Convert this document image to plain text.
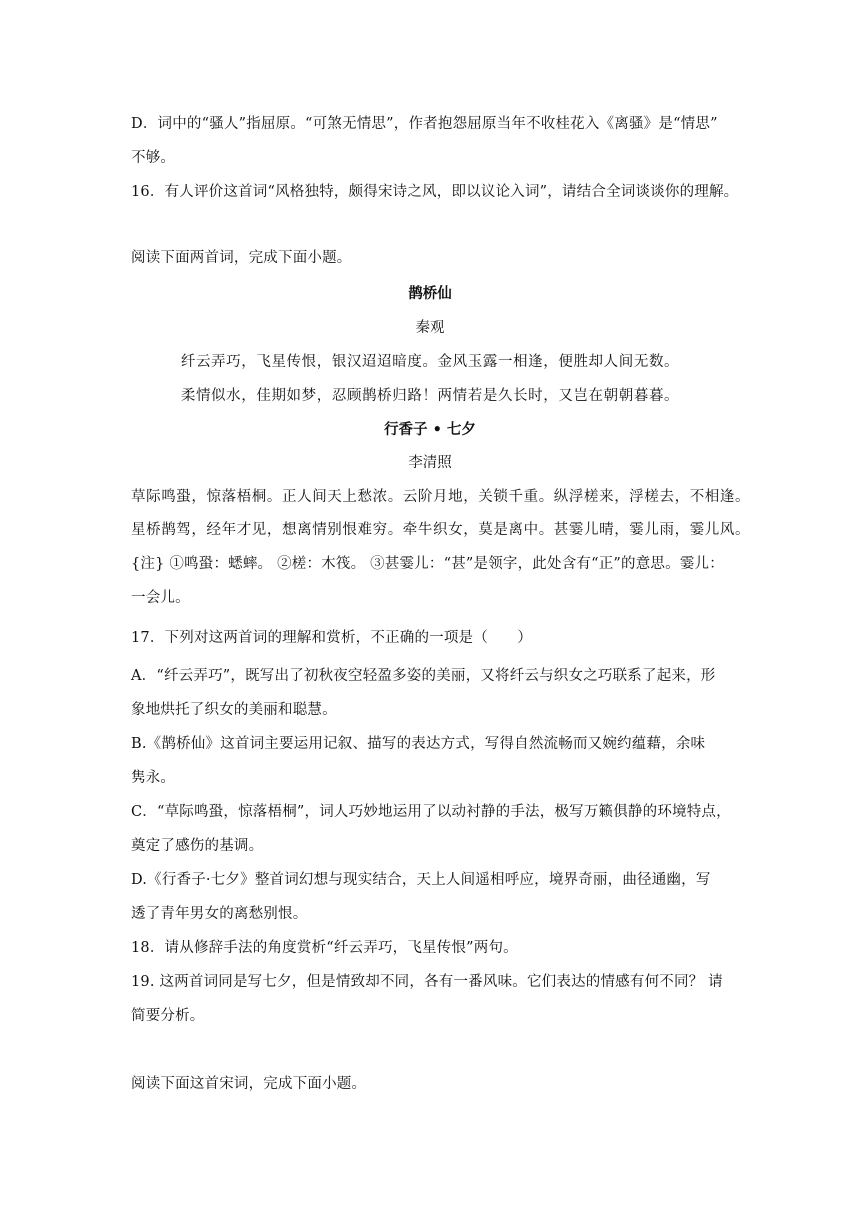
D．词中的“骚人”指屈原。“可煞无情思”，作者抱怨屈原当年不收桂花入《离骚》是“情思”
不够。
16．有人评价这首词“风格独特，颇得宋诗之风，即以议论入词”，请结合全词谈谈你的理解。
阅读下面两首词，完成下面小题。
鹊桥仙
秦观
纤云弄巧，飞星传恨，银汉迢迢暗度。金风玉露一相逢，便胜却人间无数。
柔情似水，佳期如梦，忍顾鹊桥归路！两情若是久长时，又岂在朝朝暮暮。
行香子 • 七夕
李清照
草际鸣蛩，惊落梧桐。正人间天上愁浓。云阶月地，关锁千重。纵浮槎来，浮槎去，不相逢。
星桥鹊驾，经年才见，想离情别恨难穷。牵牛织女，莫是离中。甚霎儿晴，霎儿雨，霎儿风。
{注} ①鸣蛩：蟋蟀。 ②槎：木筏。 ③甚霎儿：“甚”是领字，此处含有“正”的意思。霎儿：
一会儿。
17．下列对这两首词的理解和赏析，不正确的一项是（　　）
A．“纤云弄巧”，既写出了初秋夜空轻盈多姿的美丽，又将纤云与织女之巧联系了起来，形
象地烘托了织女的美丽和聪慧。
B.《鹊桥仙》这首词主要运用记叙、描写的表达方式，写得自然流畅而又婉约蕴藉，余味
隽永。
C．“草际鸣蛩，惊落梧桐”，词人巧妙地运用了以动衬静的手法，极写万籁俱静的环境特点，
奠定了感伤的基调。
D.《行香子·七夕》整首词幻想与现实结合，天上人间遥相呼应，境界奇丽，曲径通幽，写
透了青年男女的离愁别恨。
18．请从修辞手法的角度赏析“纤云弄巧，飞星传恨”两句。
19. 这两首词同是写七夕，但是情致却不同，各有一番风味。它们表达的情感有何不同？ 请
简要分析。
阅读下面这首宋词，完成下面小题。
